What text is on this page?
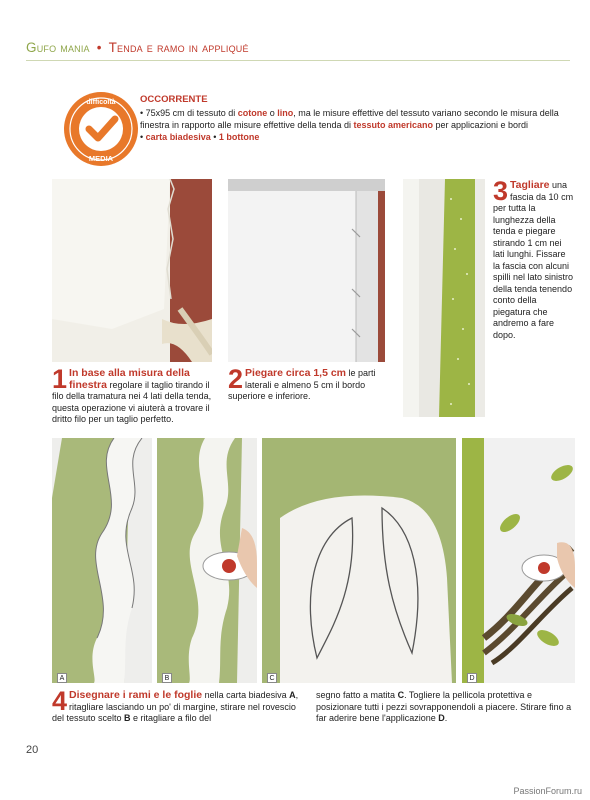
Gufo mania • Tenda e ramo in appliqué
difficoltà
MEDIA
OCCORRENTE
• 75x95 cm di tessuto di cotone o lino, ma le misure effettive del tessuto variano secondo le misura della finestra in rapporto alle misure effettive della tenda di tessuto americano per applicazioni e bordi
• carta biadesiva • 1 bottone
1 In base alla misura della finestra regolare il taglio tirando il filo della tramatura nei 4 lati della tenda, questa operazione vi aiuterà a trovare il dritto filo per un taglio perfetto.
2 Piegare circa 1,5 cm le parti laterali e almeno 5 cm il bordo superiore e inferiore.
3 Tagliare una fascia da 10 cm per tutta la lunghezza della tenda e piegare stirando 1 cm nei lati lunghi. Fissare la fascia con alcuni spilli nel lato sinistro della tenda tenendo conto della piegatura che andremo a fare dopo.
A	B	C	D
4 Disegnare i rami e le foglie nella carta biadesiva A, ritagliare lasciando un po' di margine, stirare nel rovescio del tessuto scelto B e ritagliare a filo del
segno fatto a matita C. Togliere la pellicola protettiva e posizionare tutti i pezzi sovrapponendoli a piacere. Stirare fino a far aderire bene l'applicazione D.
20
PassionForum.ru
